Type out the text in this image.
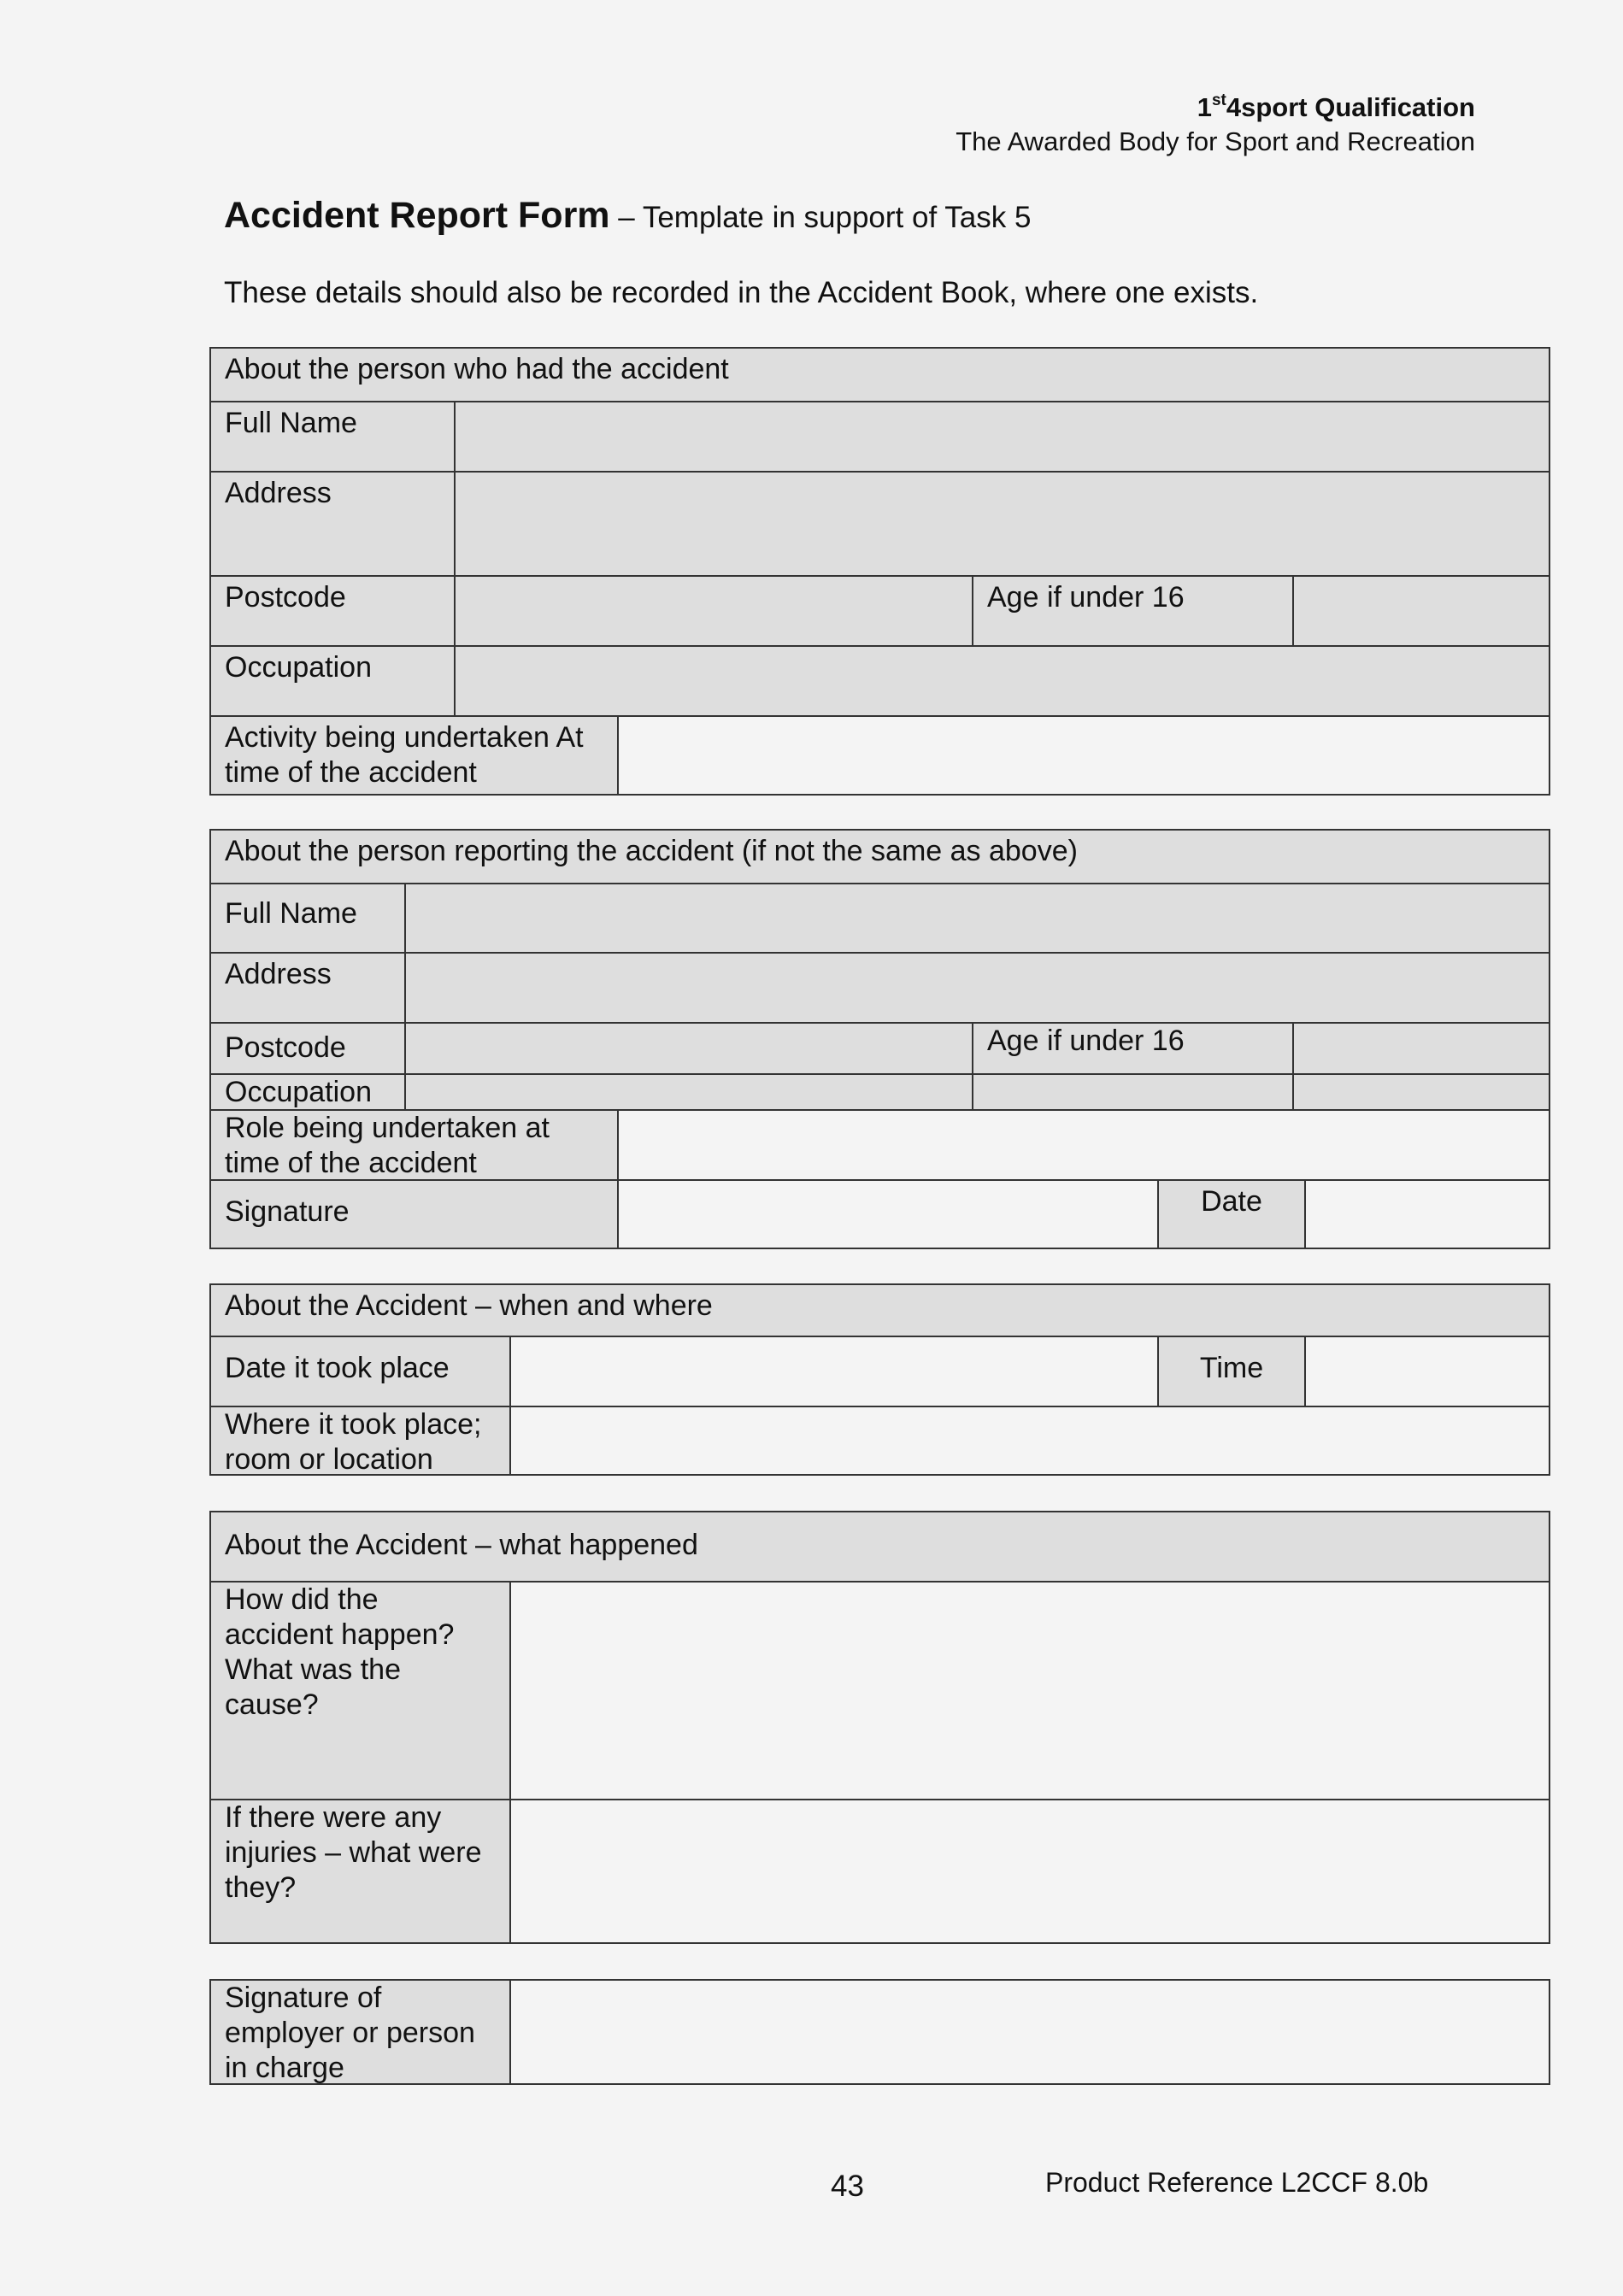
1st4sport Qualification
The Awarded Body for Sport and Recreation
Accident Report Form – Template in support of Task 5
These details should also be recorded in the Accident Book, where one exists.
About the person who had the accident
Full Name
Address
Postcode	Age if under 16
Occupation
Activity being undertaken At
time of the accident
About the person reporting the accident (if not the same as above)
Full Name
Address
Postcode	Age if under 16
Occupation
Role being undertaken at
time of the accident
Signature	Date
About the Accident – when and where
Date it took place	Time
Where it took place;
room or location
About the Accident – what happened
How did the
accident happen?
What was the
cause?
If there were any
injuries – what were
they?
Signature of
employer or person
in charge
43	Product Reference L2CCF 8.0b
